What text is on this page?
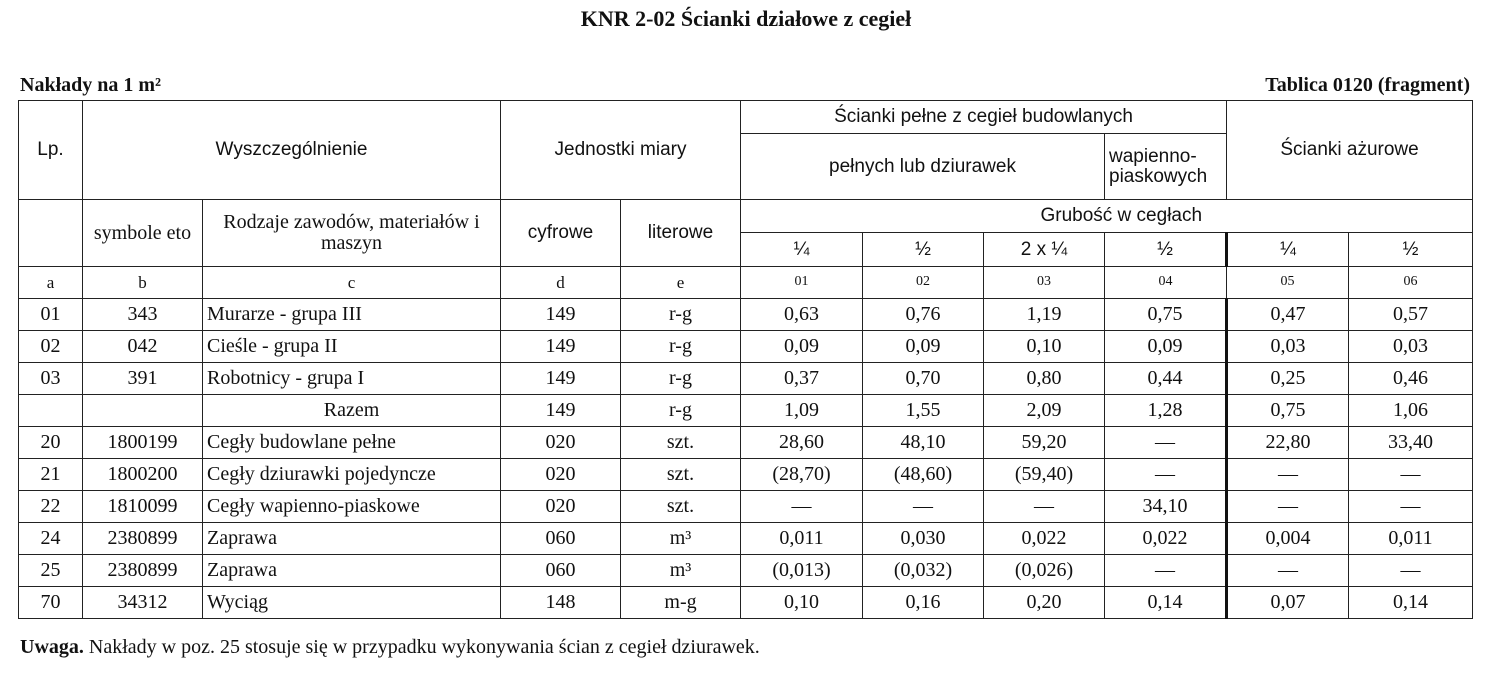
KNR 2-02 Ścianki działowe z cegieł
Nakłady na 1 m²	Tablica 0120 (fragment)
Lp.	Wyszczególnienie		Jednostki miary		Ścianki pełne z cegieł budowlanych				Ścianki ażurowe	
					pełnych lub dziurawek			wapienno-piaskowych		

	symbole eto	Rodzaje zawodów, materiałów i maszyn	cyfrowe	literowe	Grubość w cegłach					
					¼	½	2 x ¼	½	¼	½
a	b	c	d	e	01	02	03	04	05	06
01	343	Murarze - grupa III	149	r-g	0,63	0,76	1,19	0,75	0,47	0,57
02	042	Cieśle - grupa II	149	r-g	0,09	0,09	0,10	0,09	0,03	0,03
03	391	Robotnicy - grupa I	149	r-g	0,37	0,70	0,80	0,44	0,25	0,46
		Razem	149	r-g	1,09	1,55	2,09	1,28	0,75	1,06
20	1800199	Cegły budowlane pełne	020	szt.	28,60	48,10	59,20	—	22,80	33,40
21	1800200	Cegły dziurawki pojedyncze	020	szt.	(28,70)	(48,60)	(59,40)	—	—	—
22	1810099	Cegły wapienno-piaskowe	020	szt.	—	—	—	34,10	—	—
24	2380899	Zaprawa	060	m³	0,011	0,030	0,022	0,022	0,004	0,011
25	2380899	Zaprawa	060	m³	(0,013)	(0,032)	(0,026)	—	—	—
70	34312	Wyciąg	148	m-g	0,10	0,16	0,20	0,14	0,07	0,14
Uwaga. Nakłady w poz. 25 stosuje się w przypadku wykonywania ścian z cegieł dziurawek.
